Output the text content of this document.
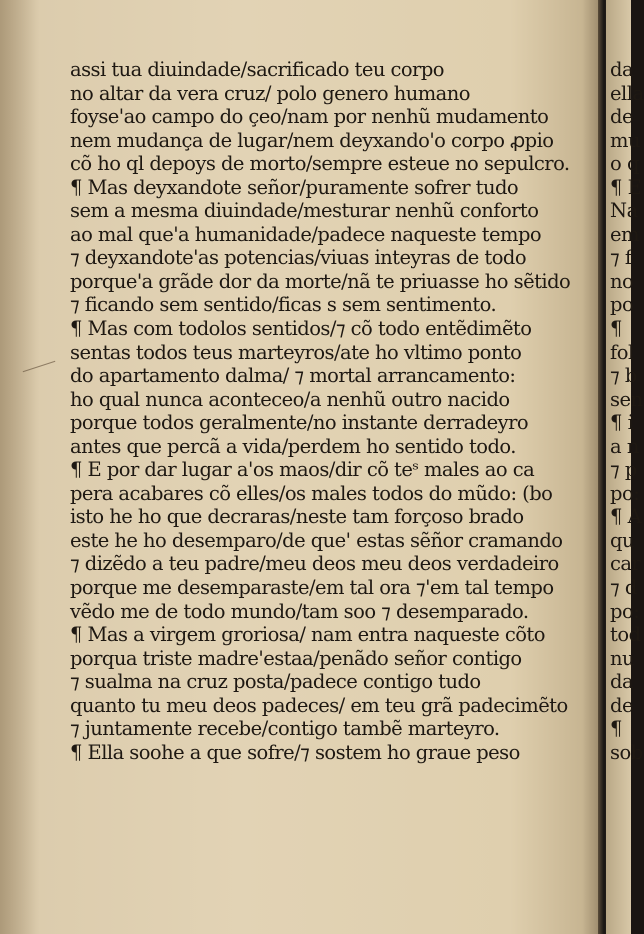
assi tua diuindade/sacrificado teu corpo
no altar da vera cruz/ polo genero humano
foyse'ao campo do çeo/nam por nenhũ mudamento
nem mudança de lugar/nem deyxando'o corpo ꝓpio
cõ ho ql depoys de morto/sempre esteue no sepulcro.
¶ Mas deyxandote señor/puramente sofrer tudo
sem a mesma diuindade/mesturar nenhũ conforto
ao mal que'a humanidade/padece naqueste tempo
⁊ deyxandote'as potencias/viuas inteyras de todo
porque'a grãde dor da morte/nã te priuasse ho sẽtido
⁊ ficando sem sentido/ficas s sem sentimento.
¶ Mas com todolos sentidos/⁊ cõ todo entẽdimẽto
sentas todos teus marteyros/ate ho vltimo ponto
do apartamento dalma/ ⁊ mortal arrancamento:
ho qual nunca aconteceo/a nenhũ outro nacido
porque todos geralmente/no instante derradeyro
antes que percã a vida/perdem ho sentido todo.
¶ E por dar lugar a'os maos/dir cõ teˢ males ao ca
pera acabares cõ elles/os males todos do mũdo: (bo
isto he ho que decraras/neste tam forçoso brado
este he ho desemparo/de que' estas sẽñor cramando
⁊ dizẽdo a teu padre/meu deos meu deos verdadeiro
porque me desemparaste/em tal ora ⁊'em tal tempo
vẽdo me de todo mundo/tam soo ⁊ desemparado.
¶ Mas a virgem groriosa/ nam entra naqueste cõto
porqua triste madre'estaa/penãdo señor contigo
⁊ sualma na cruz posta/padece contigo tudo
quanto tu meu deos padeces/ em teu grã padecimẽto
⁊ juntamente recebe/contigo tambẽ marteyro.
¶ Ella soohe a que sofre/⁊ sostem ho graue peso
da
ella
de
mu
o q
¶ E
Na
em
⁊ f
no
po
¶
fol
⁊ b
sen
¶ i
a n
⁊ p
po:
¶ A
qu
car
⁊ d
po:
tod
nu
da
de
¶
sob
